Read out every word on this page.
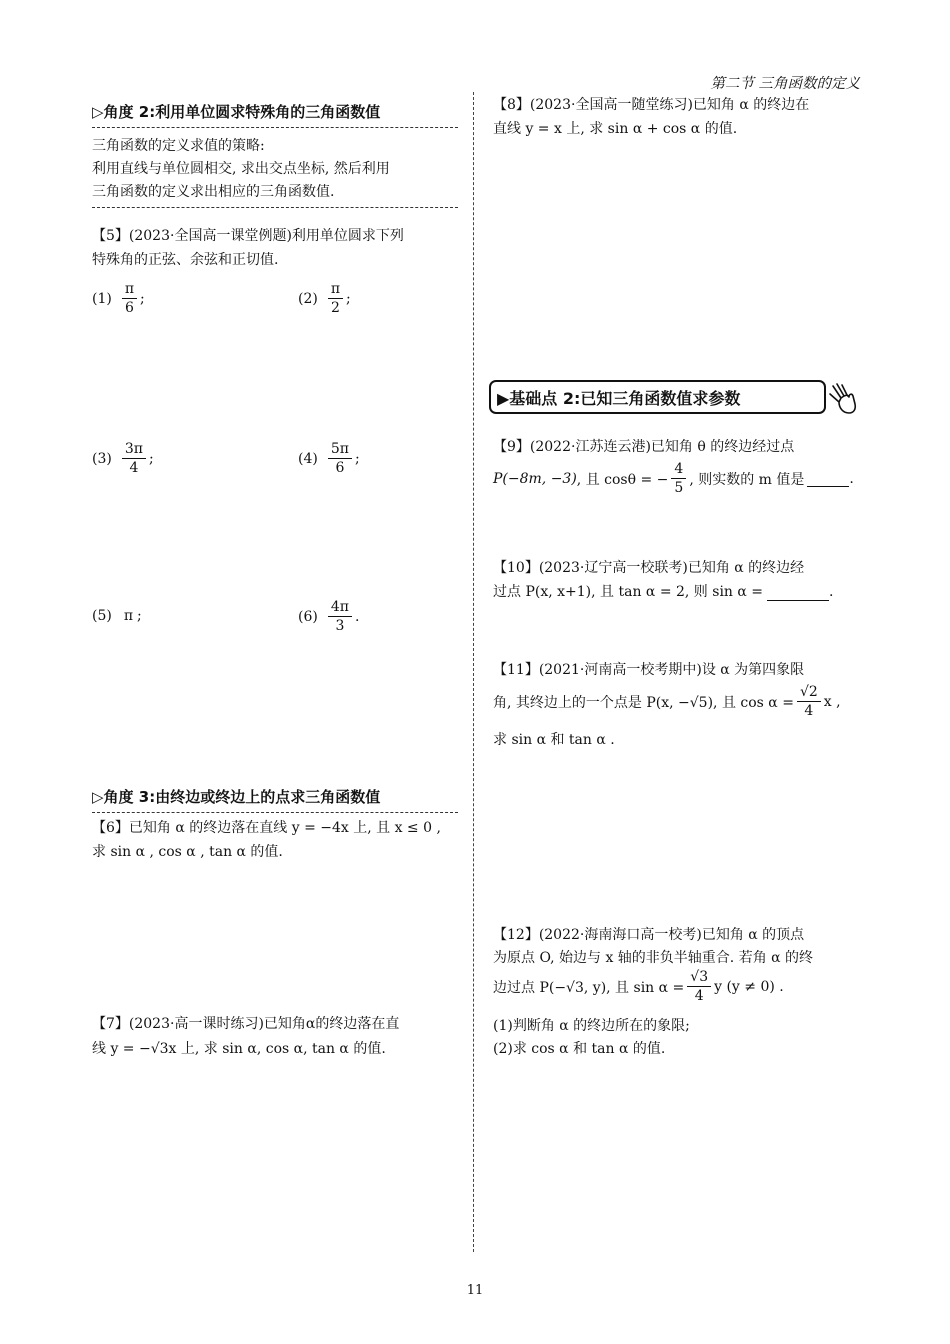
第二节 三角函数的定义
▷角度 2:利用单位圆求特殊角的三角函数值
三角函数的定义求值的策略:
利用直线与单位圆相交, 求出交点坐标, 然后利用
三角函数的定义求出相应的三角函数值.
【5】(2023·全国高一课堂例题)利用单位圆求下列
特殊角的正弦、余弦和正切值.
$(1) \frac{\pi}{6}$ ;	$(2) \frac{\pi}{2}$ ;
$(3) \frac{3\pi}{4}$ ;	$(4) \frac{5\pi}{6}$ ;
(5) π ;	$(6) \frac{4\pi}{3}$ .
▷角度 3:由终边或终边上的点求三角函数值
【6】已知角 α 的终边落在直线 y = −4x 上, 且 x ≤ 0 ,
求 sin α , cos α , tan α 的值.
【7】(2023·高一课时练习)已知角α的终边落在直
线 y = −√3x 上, 求 sin α, cos α, tan α 的值.
【8】(2023·全国高一随堂练习)已知角 α 的终边在
直线 y = x 上, 求 sin α + cos α 的值.
▶基础点 2:已知三角函数值求参数
【9】(2022·江苏连云港)已知角 θ 的终边经过点
P(−8m, −3) , 且 cosθ = − $\frac{4}{5}$ , 则实数的 m 值是	.
【10】(2023·辽宁高一校联考)已知角 α 的终边经
过点 P(x, x+1), 且 tan α = 2, 则 sin α =	.
【11】(2021·河南高一校考期中)设 α 为第四象限
角, 其终边上的一个点是 P(x, −√5), 且 $\cos \alpha = \frac{√2}{4}$ x ,
求 sin α 和 tan α .
【12】(2022·海南海口高一校考)已知角 α 的顶点
为原点 O, 始边与 x 轴的非负半轴重合. 若角 α 的终
边过点 P(−√3, y), 且 $\sin \alpha = \frac{√3}{4}$ y (y ≠ 0) .
(1)判断角 α 的终边所在的象限;
(2)求 cos α 和 tan α 的值.
11
